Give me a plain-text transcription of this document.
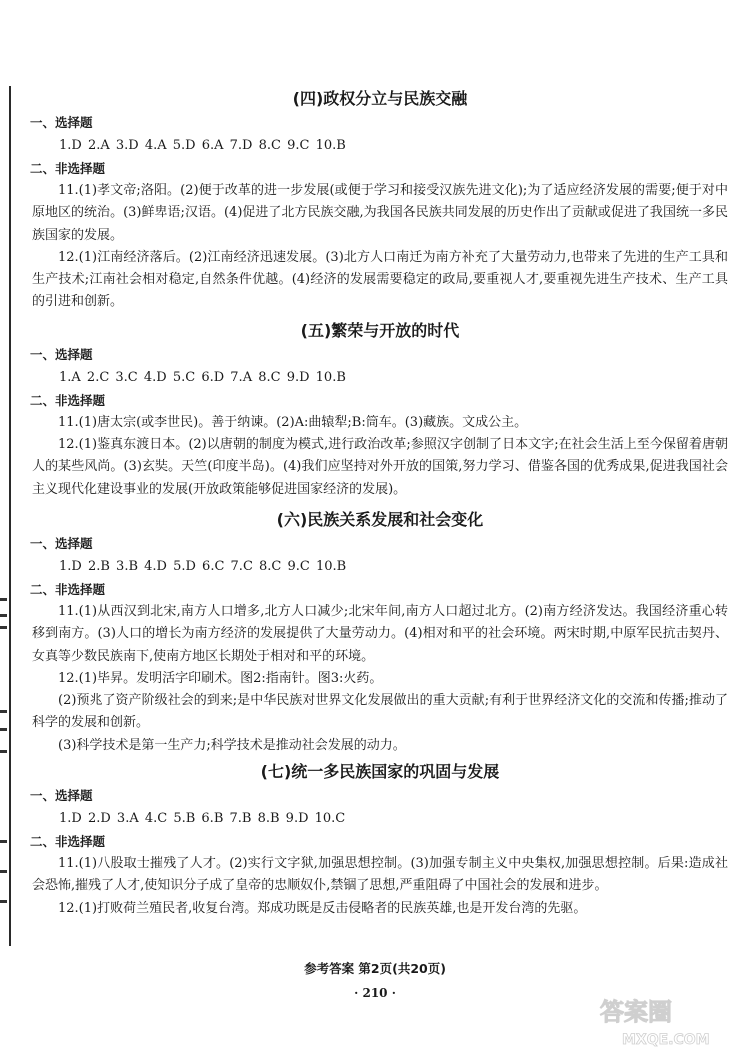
(四)政权分立与民族交融
一、选择题
1.D 2.A 3.D 4.A 5.D 6.A 7.D 8.C 9.C 10.B
二、非选择题

11.(1)孝文帝;洛阳。(2)便于改革的进一步发展(或便于学习和接受汉族先进文化);为了适应经济发展的需要;便于对中原地区的统治。(3)鲜卑语;汉语。(4)促进了北方民族交融,为我国各民族共同发展的历史作出了贡献或促进了我国统一多民族国家的发展。

12.(1)江南经济落后。(2)江南经济迅速发展。(3)北方人口南迁为南方补充了大量劳动力,也带来了先进的生产工具和生产技术;江南社会相对稳定,自然条件优越。(4)经济的发展需要稳定的政局,要重视人才,要重视先进生产技术、生产工具的引进和创新。

(五)繁荣与开放的时代
一、选择题
1.A 2.C 3.C 4.D 5.C 6.D 7.A 8.C 9.D 10.B
二、非选择题

11.(1)唐太宗(或李世民)。善于纳谏。(2)A:曲辕犁;B:筒车。(3)藏族。文成公主。

12.(1)鉴真东渡日本。(2)以唐朝的制度为模式,进行政治改革;参照汉字创制了日本文字;在社会生活上至今保留着唐朝人的某些风尚。(3)玄奘。天竺(印度半岛)。(4)我们应坚持对外开放的国策,努力学习、借鉴各国的优秀成果,促进我国社会主义现代化建设事业的发展(开放政策能够促进国家经济的发展)。

(六)民族关系发展和社会变化
一、选择题
1.D 2.B 3.B 4.D 5.D 6.C 7.C 8.C 9.C 10.B
二、非选择题

11.(1)从西汉到北宋,南方人口增多,北方人口减少;北宋年间,南方人口超过北方。(2)南方经济发达。我国经济重心转移到南方。(3)人口的增长为南方经济的发展提供了大量劳动力。(4)相对和平的社会环境。两宋时期,中原军民抗击契丹、女真等少数民族南下,使南方地区长期处于相对和平的环境。

12.(1)毕昇。发明活字印刷术。图2:指南针。图3:火药。

(2)预兆了资产阶级社会的到来;是中华民族对世界文化发展做出的重大贡献;有利于世界经济文化的交流和传播;推动了科学的发展和创新。

(3)科学技术是第一生产力;科学技术是推动社会发展的动力。

(七)统一多民族国家的巩固与发展
一、选择题
1.D 2.D 3.A 4.C 5.B 6.B 7.B 8.B 9.D 10.C
二、非选择题

11.(1)八股取士摧残了人才。(2)实行文字狱,加强思想控制。(3)加强专制主义中央集权,加强思想控制。后果:造成社会恐怖,摧残了人才,使知识分子成了皇帝的忠顺奴仆,禁锢了思想,严重阻碍了中国社会的发展和进步。

12.(1)打败荷兰殖民者,收复台湾。郑成功既是反击侵略者的民族英雄,也是开发台湾的先驱。

参考答案 第2页(共20页)
· 210 ·
答案圈
MXQE.COM
